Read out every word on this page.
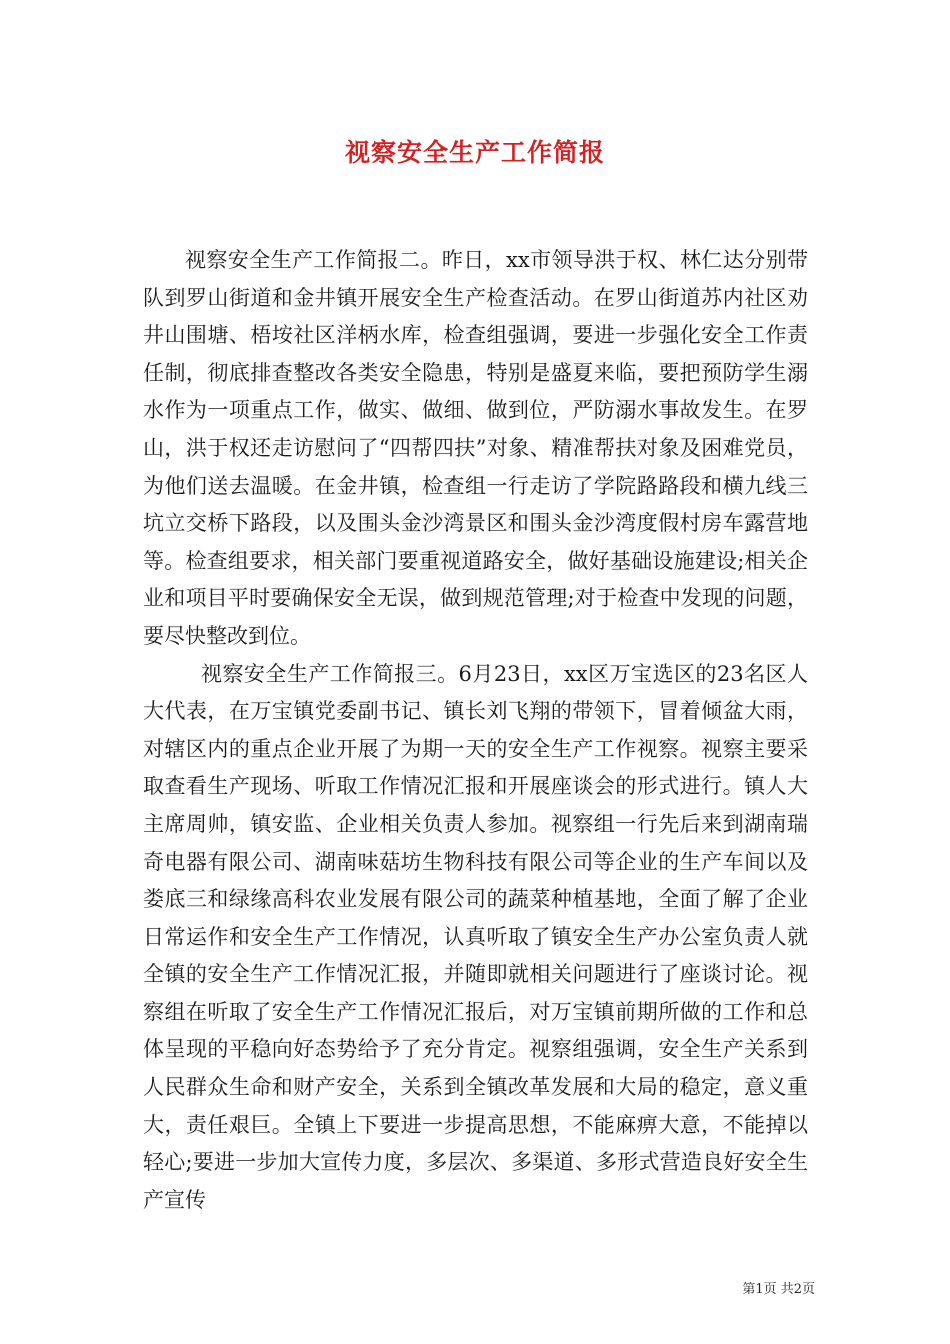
视察安全生产工作简报

视察安全生产工作简报二。昨日，xx市领导洪于权、林仁达分别带队到罗山街道和金井镇开展安全生产检查活动。在罗山街道苏内社区劝井山围塘、梧垵社区洋柄水库，检查组强调，要进一步强化安全工作责任制，彻底排查整改各类安全隐患，特别是盛夏来临，要把预防学生溺水作为一项重点工作，做实、做细、做到位，严防溺水事故发生。在罗山，洪于权还走访慰问了“四帮四扶”对象、精准帮扶对象及困难党员，为他们送去温暖。在金井镇，检查组一行走访了学院路路段和横九线三坑立交桥下路段，以及围头金沙湾景区和围头金沙湾度假村房车露营地等。检查组要求，相关部门要重视道路安全，做好基础设施建设;相关企业和项目平时要确保安全无误，做到规范管理;对于检查中发现的问题，要尽快整改到位。

视察安全生产工作简报三。6月23日，xx区万宝选区的23名区人大代表，在万宝镇党委副书记、镇长刘飞翔的带领下，冒着倾盆大雨，对辖区内的重点企业开展了为期一天的安全生产工作视察。视察主要采取查看生产现场、听取工作情况汇报和开展座谈会的形式进行。镇人大主席周帅，镇安监、企业相关负责人参加。视察组一行先后来到湖南瑞奇电器有限公司、湖南味菇坊生物科技有限公司等企业的生产车间以及娄底三和绿缘高科农业发展有限公司的蔬菜种植基地，全面了解了企业日常运作和安全生产工作情况，认真听取了镇安全生产办公室负责人就全镇的安全生产工作情况汇报，并随即就相关问题进行了座谈讨论。视察组在听取了安全生产工作情况汇报后，对万宝镇前期所做的工作和总体呈现的平稳向好态势给予了充分肯定。视察组强调，安全生产关系到人民群众生命和财产安全，关系到全镇改革发展和大局的稳定，意义重大，责任艰巨。全镇上下要进一步提高思想，不能麻痹大意，不能掉以轻心;要进一步加大宣传力度，多层次、多渠道、多形式营造良好安全生产宣传

第1页 共2页
